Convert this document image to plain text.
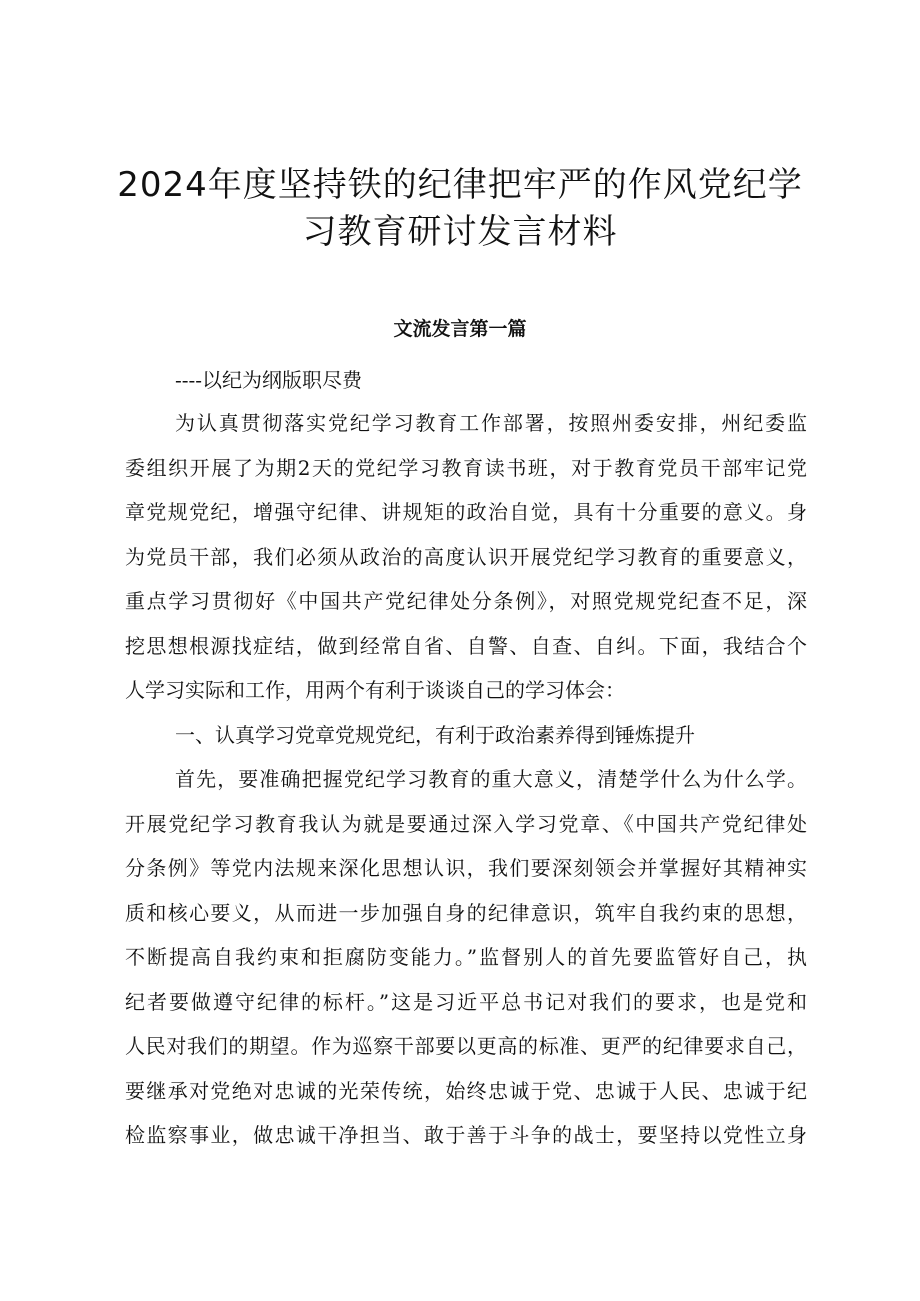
2024年度坚持铁的纪律把牢严的作风党纪学
习教育研讨发言材料
文流发言第一篇

----以纪为纲版职尽费

为认真贯彻落实党纪学习教育工作部署，按照州委安排，州纪委监

委组织开展了为期2天的党纪学习教育读书班，对于教育党员干部牢记党

章党规党纪，增强守纪律、讲规矩的政治自觉，具有十分重要的意义。身

为党员干部，我们必须从政治的高度认识开展党纪学习教育的重要意义，

重点学习贯彻好《中国共产党纪律处分条例》，对照党规党纪查不足，深

挖思想根源找症结，做到经常自省、自警、自查、自纠。下面，我结合个

人学习实际和工作，用两个有利于谈谈自己的学习体会：

一、认真学习党章党规党纪，有利于政治素养得到锤炼提升

首先，要准确把握党纪学习教育的重大意义，清楚学什么为什么学。

开展党纪学习教育我认为就是要通过深入学习党章、《中国共产党纪律处

分条例》等党内法规来深化思想认识，我们要深刻领会并掌握好其精神实

质和核心要义，从而进一步加强自身的纪律意识，筑牢自我约束的思想，

不断提高自我约束和拒腐防变能力。”监督别人的首先要监管好自己，执

纪者要做遵守纪律的标杆。”这是习近平总书记对我们的要求，也是党和

人民对我们的期望。作为巡察干部要以更高的标准、更严的纪律要求自己，

要继承对党绝对忠诚的光荣传统，始终忠诚于党、忠诚于人民、忠诚于纪

检监察事业，做忠诚干净担当、敢于善于斗争的战士，要坚持以党性立身
